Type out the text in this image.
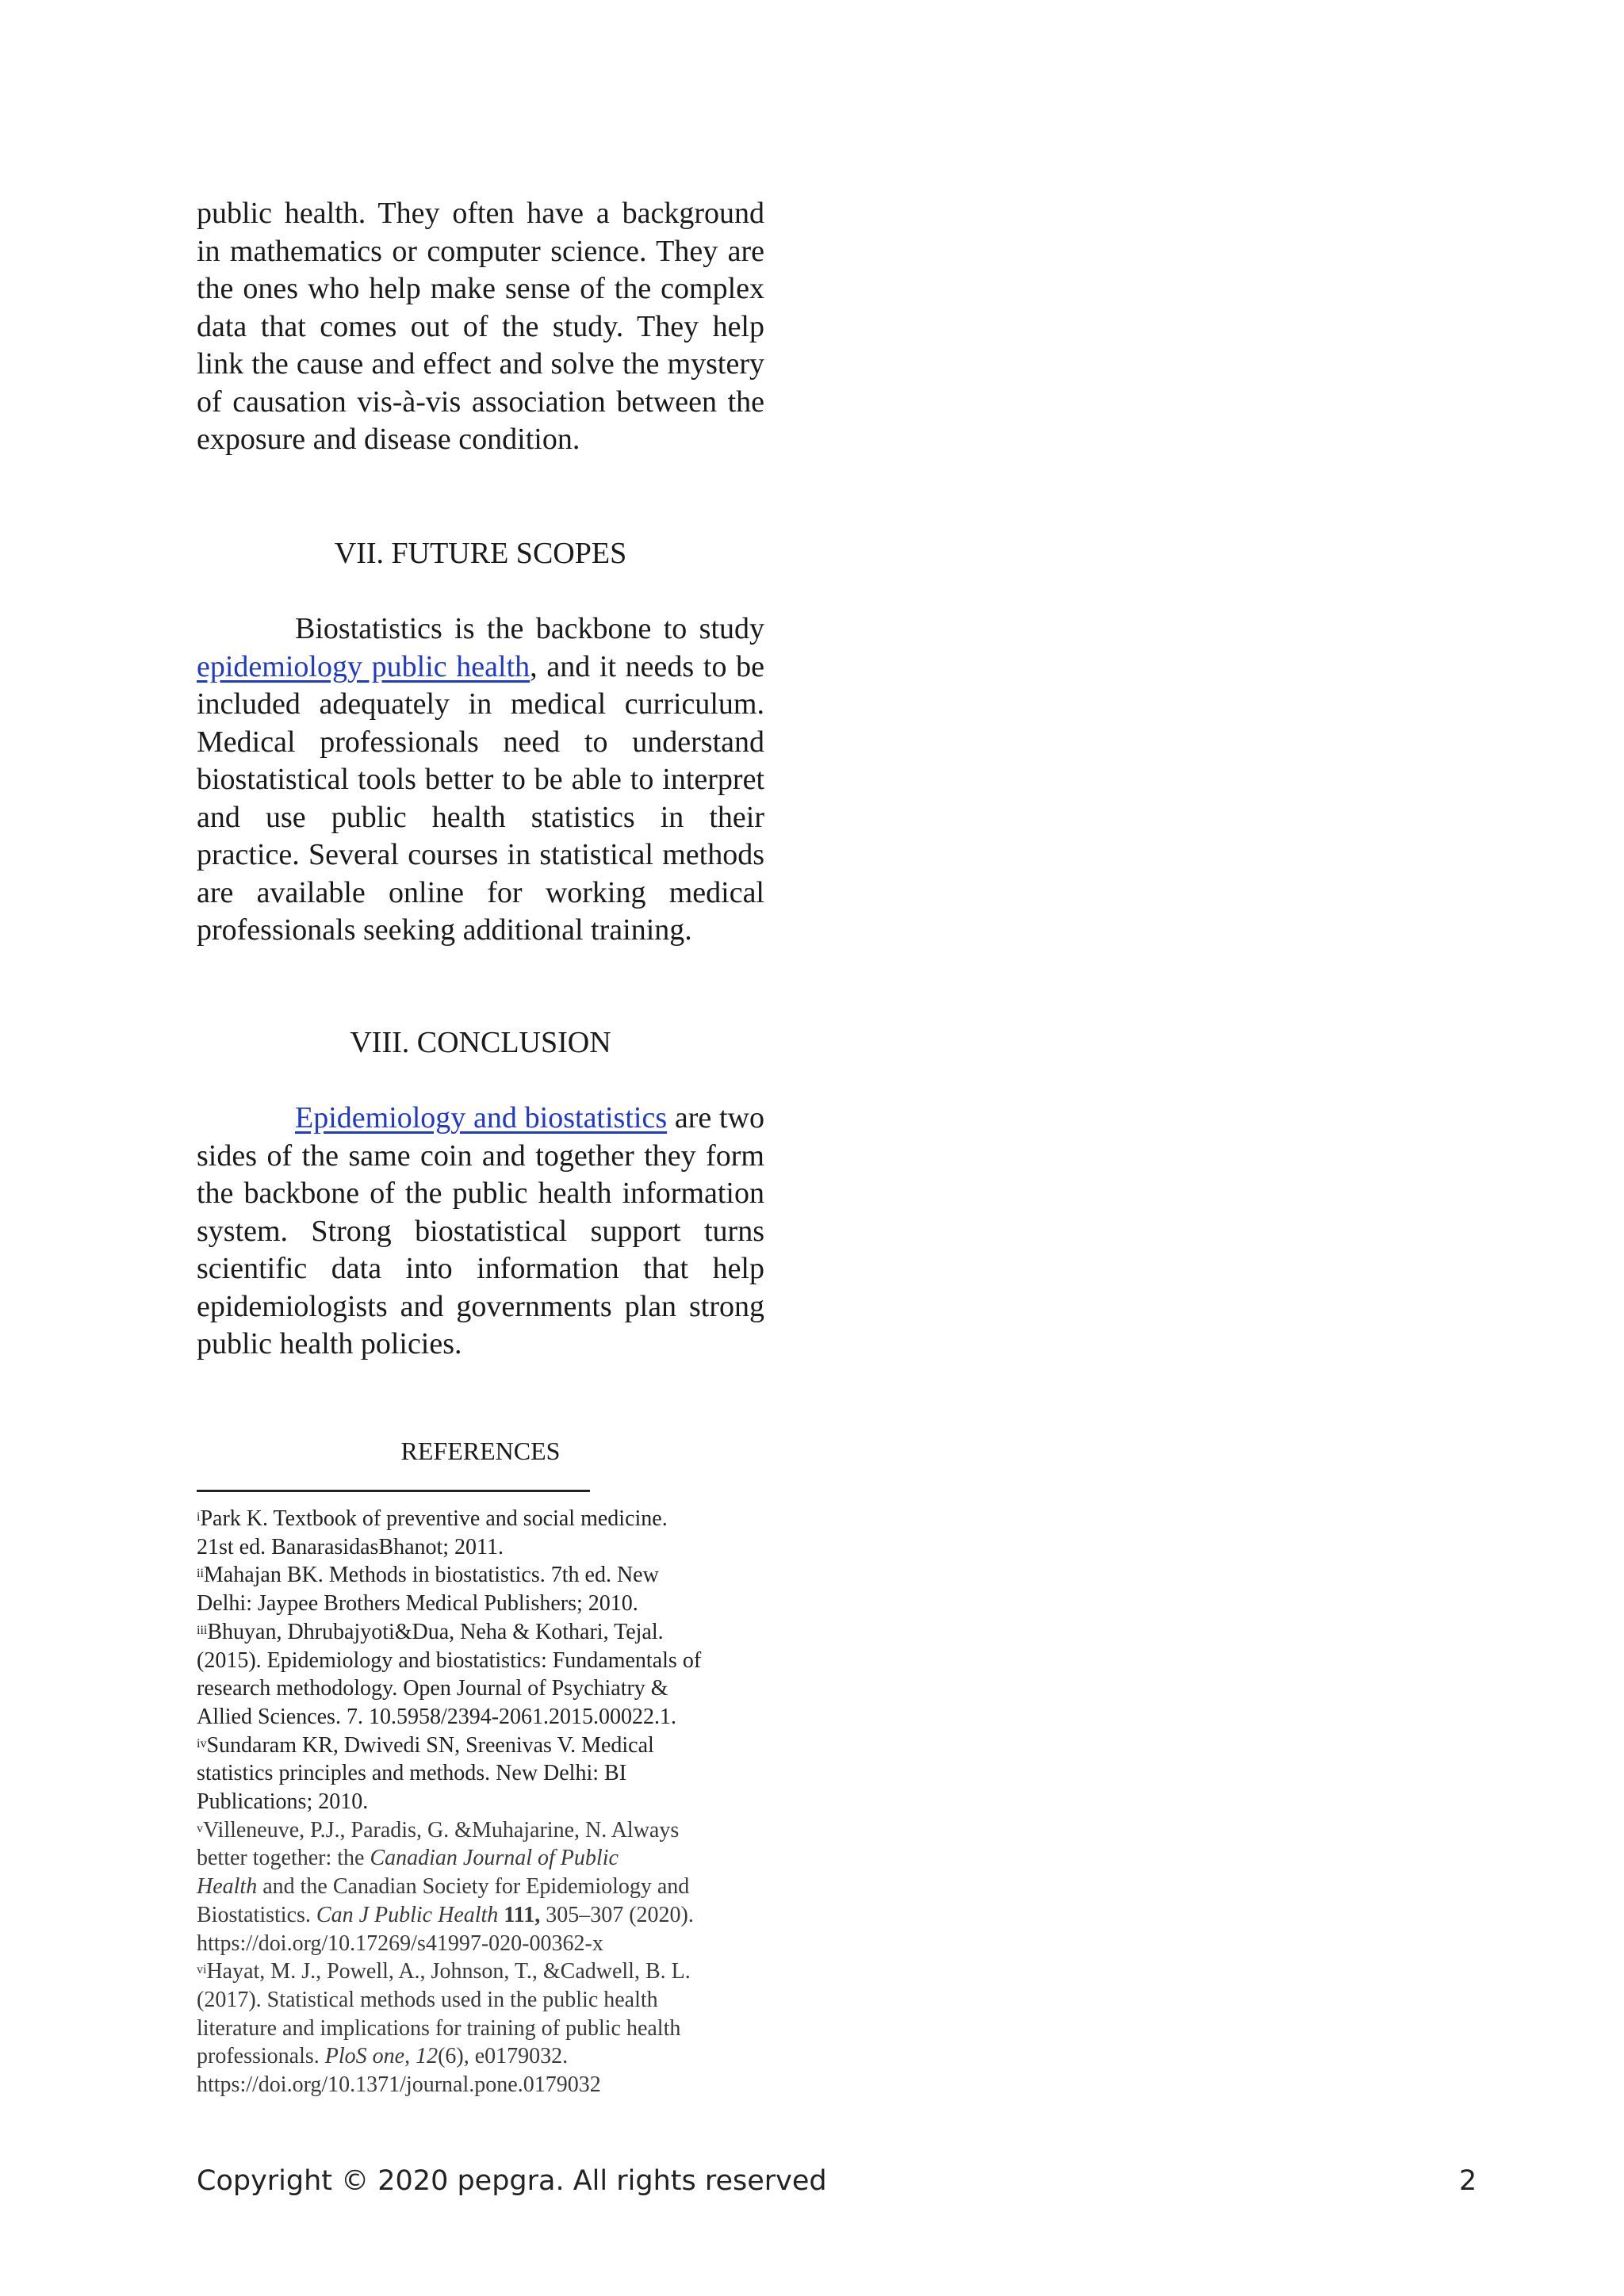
public health. They often have a background in mathematics or computer science. They are the ones who help make sense of the complex data that comes out of the study. They help link the cause and effect and solve the mystery of causation vis-à-vis association between the exposure and disease condition.

VII. FUTURE SCOPES

Biostatistics is the backbone to study epidemiology public health, and it needs to be included adequately in medical curriculum. Medical professionals need to understand biostatistical tools better to be able to interpret and use public health statistics in their practice. Several courses in statistical methods are available online for working medical professionals seeking additional training.

VIII. CONCLUSION

Epidemiology and biostatistics are two sides of the same coin and together they form the backbone of the public health information system. Strong biostatistical support turns scientific data into information that help epidemiologists and governments plan strong public health policies.

REFERENCES

$^i$Park K. Textbook of preventive and social medicine.
21st ed. BanarasidasBhanot; 2011.

$^{ii}$Mahajan BK. Methods in biostatistics. 7th ed. New
Delhi: Jaypee Brothers Medical Publishers; 2010.

$^{iii}$Bhuyan, Dhrubajyoti&Dua, Neha & Kothari, Tejal.
(2015). Epidemiology and biostatistics: Fundamentals of
research methodology. Open Journal of Psychiatry &
Allied Sciences. 7. 10.5958/2394-2061.2015.00022.1.

$^{iv}$Sundaram KR, Dwivedi SN, Sreenivas V. Medical
statistics principles and methods. New Delhi: BI
Publications; 2010.

$^v$Villeneuve, P.J., Paradis, G. &Muhajarine, N. Always
better together: the Canadian Journal of Public
Health and the Canadian Society for Epidemiology and
Biostatistics. Can J Public Health 111, 305–307 (2020).
https://doi.org/10.17269/s41997-020-00362-x

$^{vi}$Hayat, M. J., Powell, A., Johnson, T., &Cadwell, B. L.
(2017). Statistical methods used in the public health
literature and implications for training of public health
professionals. PloS one, 12(6), e0179032.
https://doi.org/10.1371/journal.pone.0179032

Copyright © 2020 pepgra. All rights reserved	2
